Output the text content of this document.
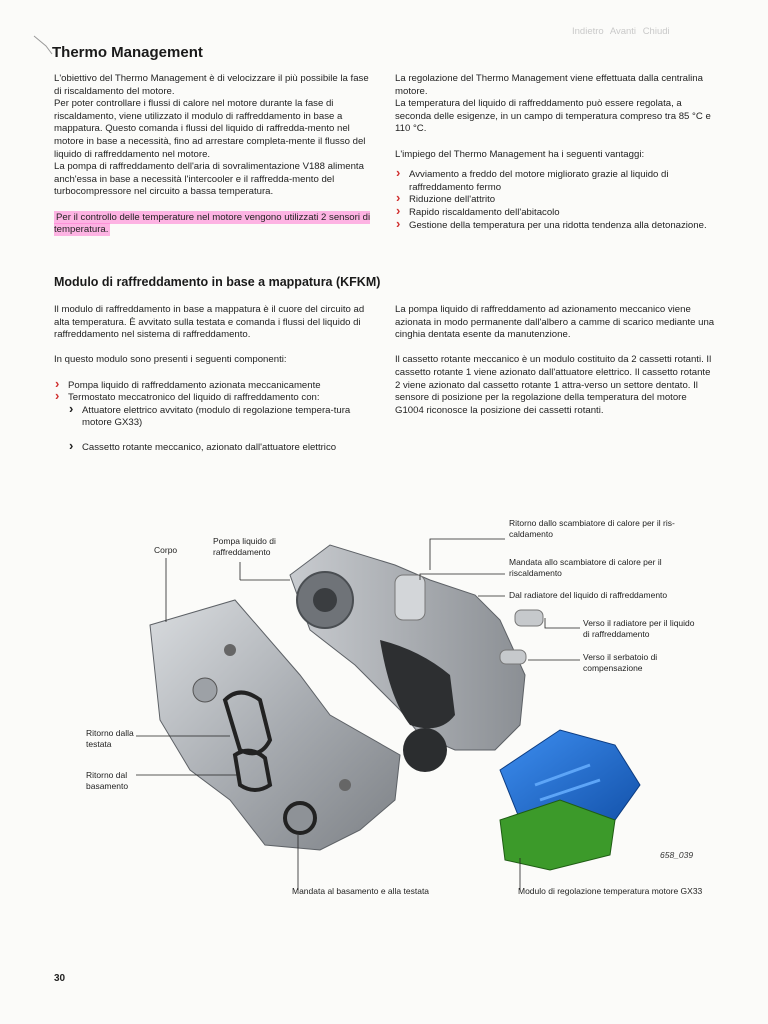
Indietro Avanti Chiudi
Thermo Management

L'obiettivo del Thermo Management è di velocizzare il più possibile la fase di riscaldamento del motore.

Per poter controllare i flussi di calore nel motore durante la fase di riscaldamento, viene utilizzato il modulo di raffreddamento in base a mappatura. Questo comanda i flussi del liquido di raffredda-mento nel motore in base a necessità, fino ad arrestare completa-mente il flusso del liquido di raffreddamento nel motore.

La pompa di raffreddamento dell'aria di sovralimentazione V188 alimenta anch'essa in base a necessità l'intercooler e il raffredda-mento del turbocompressore nel circuito a bassa temperatura.

Per il controllo delle temperature nel motore vengono utilizzati 2 sensori di temperatura.

La regolazione del Thermo Management viene effettuata dalla centralina motore.

La temperatura del liquido di raffreddamento può essere regolata, a seconda delle esigenze, in un campo di temperatura compreso tra 85 °C e 110 °C.

L'impiego del Thermo Management ha i seguenti vantaggi:

› Avviamento a freddo del motore migliorato grazie al liquido di raffreddamento fermo
› Riduzione dell'attrito
› Rapido riscaldamento dell'abitacolo
› Gestione della temperatura per una ridotta tendenza alla detonazione.
Modulo di raffreddamento in base a mappatura (KFKM)

Il modulo di raffreddamento in base a mappatura è il cuore del circuito ad alta temperatura. È avvitato sulla testata e comanda i flussi del liquido di raffreddamento nel sistema di raffreddamento.

In questo modulo sono presenti i seguenti componenti:

› Pompa liquido di raffreddamento azionata meccanicamente
› Termostato meccatronico del liquido di raffreddamento con:
› Attuatore elettrico avvitato (modulo di regolazione tempera-tura motore GX33)
› Cassetto rotante meccanico, azionato dall'attuatore elettrico

La pompa liquido di raffreddamento ad azionamento meccanico viene azionata in modo permanente dall'albero a camme di scarico mediante una cinghia dentata esente da manutenzione.

Il cassetto rotante meccanico è un modulo costituito da 2 cassetti rotanti. Il cassetto rotante 1 viene azionato dall'attuatore elettrico. Il cassetto rotante 2 viene azionato dal cassetto rotante 1 attra-verso un settore dentato. Il sensore di posizione per la regolazione della temperatura del motore G1004 riconosce la posizione dei cassetti rotanti.

Corpo
Pompa liquido di raffreddamento
Ritorno dallo scambiatore di calore per il ris-caldamento
Mandata allo scambiatore di calore per il riscaldamento
Dal radiatore del liquido di raffreddamento
Verso il radiatore per il liquido di raffreddamento
Verso il serbatoio di compensazione
Ritorno dalla testata
Ritorno dal basamento
Mandata al basamento e alla testata	Modulo di regolazione temperatura motore GX33
658_039
30
